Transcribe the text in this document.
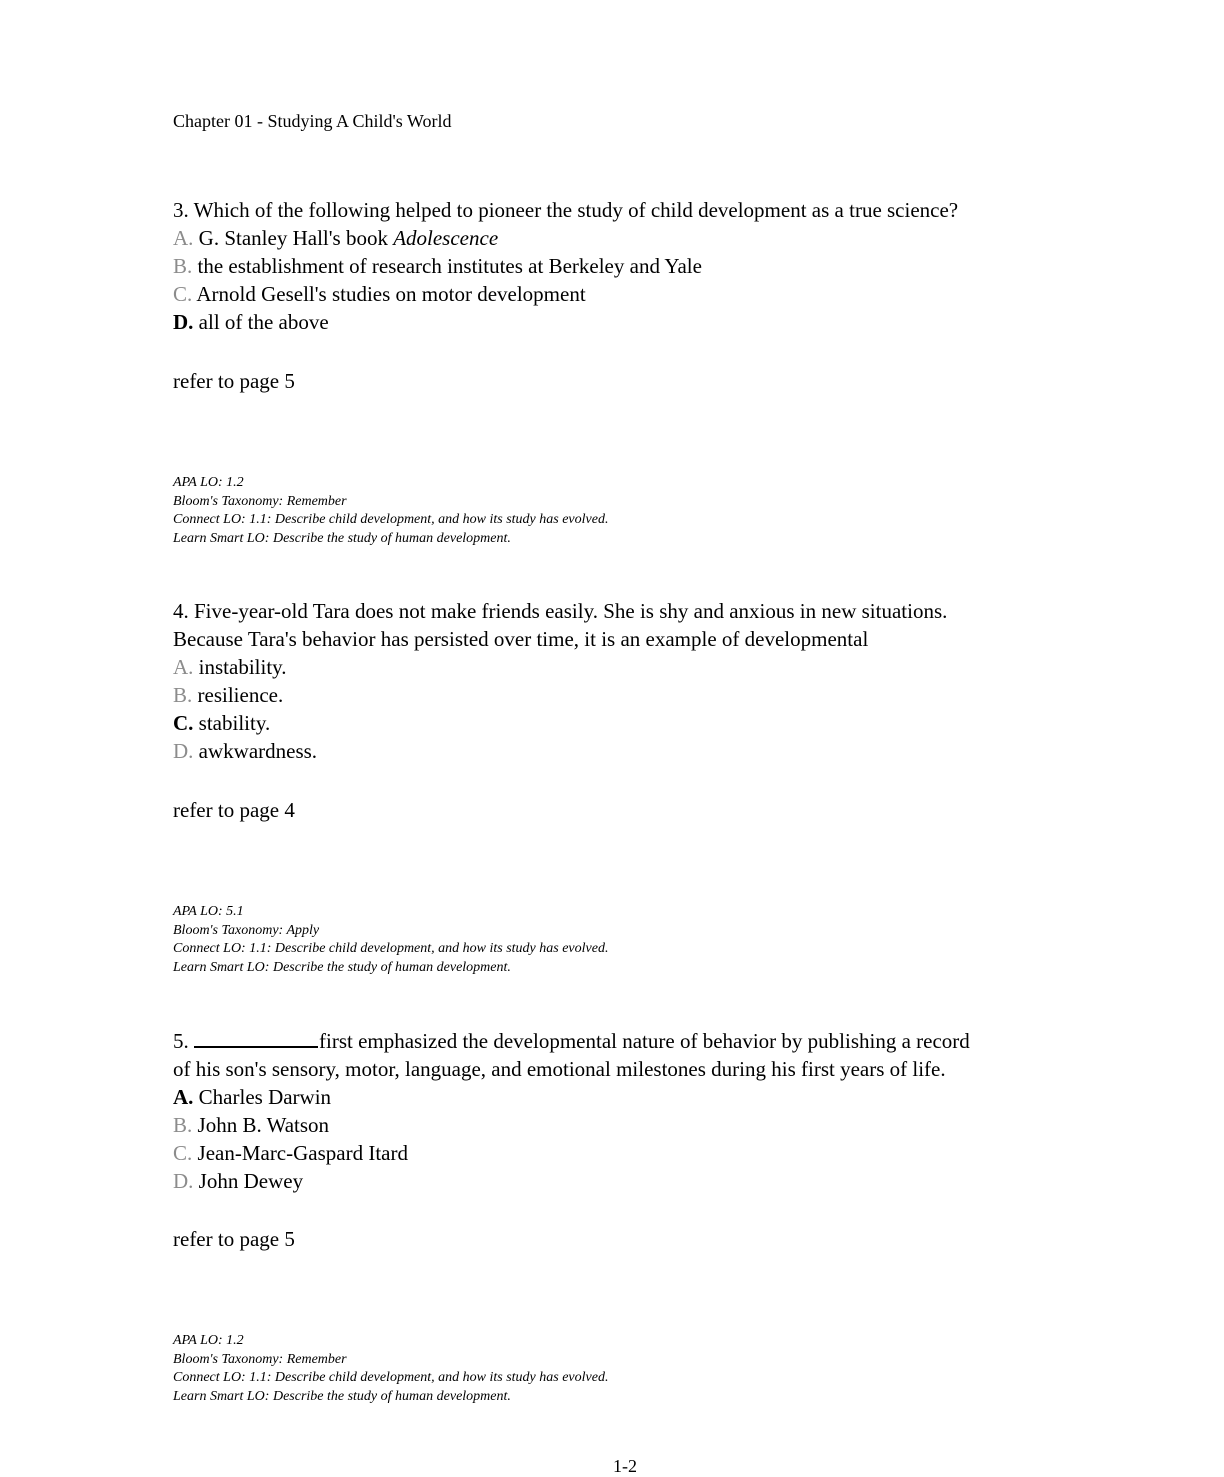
Chapter 01 - Studying A Child's World
3. Which of the following helped to pioneer the study of child development as a true science?
A. G. Stanley Hall's book Adolescence
B. the establishment of research institutes at Berkeley and Yale
C. Arnold Gesell's studies on motor development
D. all of the above
refer to page 5
APA LO: 1.2
Bloom's Taxonomy: Remember
Connect LO: 1.1: Describe child development, and how its study has evolved.
Learn Smart LO: Describe the study of human development.
4. Five-year-old Tara does not make friends easily. She is shy and anxious in new situations.
Because Tara's behavior has persisted over time, it is an example of developmental
A. instability.
B. resilience.
C. stability.
D. awkwardness.
refer to page 4
APA LO: 5.1
Bloom's Taxonomy: Apply
Connect LO: 1.1: Describe child development, and how its study has evolved.
Learn Smart LO: Describe the study of human development.
5.	first emphasized the developmental nature of behavior by publishing a record
of his son's sensory, motor, language, and emotional milestones during his first years of life.
A. Charles Darwin
B. John B. Watson
C. Jean-Marc-Gaspard Itard
D. John Dewey
refer to page 5
APA LO: 1.2
Bloom's Taxonomy: Remember
Connect LO: 1.1: Describe child development, and how its study has evolved.
Learn Smart LO: Describe the study of human development.
1-2
